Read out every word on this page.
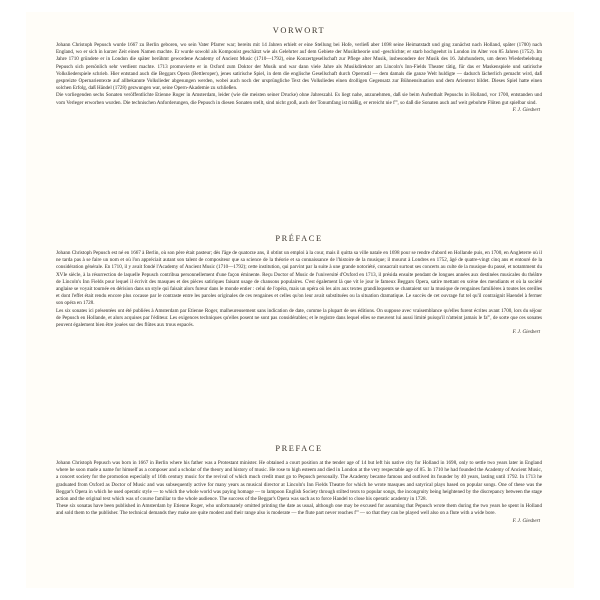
VORWORT

Johann Christoph Pepusch wurde 1667 zu Berlin geboren, wo sein Vater Pfarrer war; bereits mit 14 Jahren erhielt er eine Stellung bei Hofe, verließ aber 1698 seine Heimatstadt und ging zunächst nach Holland, später (1700) nach England, wo er sich in kurzer Zeit einen Namen machte. Er wurde sowohl als Komponist geschätzt wie als Gelehrter auf dem Gebiete der Musiktheorie und -geschichte; er starb hochgeehrt in London im Alter von 85 Jahren (1752). Im Jahre 1710 gründete er in London die später berühmt gewordene Academy of Ancient Music (1710—1792), eine Konzertgesellschaft zur Pflege alter Musik, insbesondere der Musik des 16. Jahrhunderts, um deren Wiederbelebung Pepusch sich persönlich sehr verdient machte. 1713 promovierte er in Oxford zum Doktor der Musik und war dann viele Jahre als Musikdirektor am Lincoln's Inn-Fields Theater tätig, für das er Maskenspiele und satirische Volksliederspiele schrieb. Hier entstand auch die Beggars Opera (Bettleroper), jenes satirische Spiel, in dem die englische Gesellschaft durch Opernstil — dem damals die ganze Welt huldigte — dadurch lächerlich gemacht wird, daß gespreizte Opernarientexte auf allbekannte Volkslieder abgesungen werden, wobei auch noch der ursprüngliche Text des Volksliedes einen drolligen Gegensatz zur Bühnensituation und dem Arientext bildet. Dieses Spiel hatte einen solchen Erfolg, daß Händel (1728) gezwungen war, seine Opern-Akademie zu schließen.

Die vorliegenden sechs Sonaten veröffentlichte Etienne Roger in Amsterdam, leider (wie die meisten seiner Drucke) ohne Jahreszahl. Es liegt nahe, anzunehmen, daß sie beim Aufenthalt Pepuschs in Holland, vor 1700, entstanden und vom Verleger erworben wurden. Die technischen Anforderungen, die Pepusch in diesen Sonaten stellt, sind nicht groß, auch der Tonumfang ist mäßig, er erreicht nie f''', so daß die Sonaten auch auf weit gebohrte Flöten gut spielbar sind.

F. J. Giesbert

PRÉFACE

Johann Christoph Pepusch est né en 1667 à Berlin, où son père était pasteur; dès l'âge de quatorze ans, il obtint un emploi à la cour, mais il quitta sa ville natale en 1698 pour se rendre d'abord en Hollande puis, en 1700, en Angleterre où il ne tarda pas à se faire un nom et où l'on appréciait autant son talent de compositeur que sa science de la théorie et sa connaissance de l'histoire de la musique; il mourut à Londres en 1752, âgé de quatre-vingt cinq ans et entouré de la considération générale. En 1710, il y avait fondé l'Academy of Ancient Music (1710—1792); cette institution, qui parvint par la suite à une grande notoriété, consacrait surtout ses concerts au culte de la musique du passé, et notamment du XVIe siècle, à la résurrection de laquelle Pepusch contribua personnellement d'une façon éminente. Reçu Doctor of Music de l'université d'Oxford en 1713, il présida ensuite pendant de longues années aux destinées musicales du théâtre de Lincoln's Inn Fields pour lequel il écrivit des masques et des pièces satiriques faisant usage de chansons populaires. C'est également là que vit le jour le fameux Beggars Opera, satire mettant en scène des mendiants et où la société anglaise se voyait tournée en dérision dans un style qui faisait alors fureur dans le monde entier : celui de l'opéra, mais un opéra où les airs aux textes grandiloquents se chantaient sur la musique de rengaines familières à toutes les oreilles et dont l'effet était rendu encore plus cocasse par le contraste entre les paroles originales de ces rengaines et celles qu'on leur avait substituées ou la situation dramatique. Le succès de cet ouvrage fut tel qu'il contraignit Haendel à fermer son opéra en 1728.

Les six sonates ici présentées ont été publiées à Amsterdam par Etienne Roger, malheureusement sans indication de date, comme la plupart de ses éditions. On suppose avec vraisemblance qu'elles furent écrites avant 1700, lors du séjour de Pepusch en Hollande, et alors acquises par l'éditeur. Les exigences techniques qu'elles posent ne sont pas considérables; et le registre dans lequel elles se meuvent lui aussi limité puisqu'il n'atteint jamais le fa''', de sorte que ces sonates peuvent également bien être jouées sur des flûtes aux trous espacés.

F. J. Giesbert

PREFACE

Johann Christoph Pepusch was born in 1667 in Berlin where his father was a Protestant minister. He obtained a court position at the tender age of 14 but left his native city for Holland in 1698, only to settle two years later in England where he soon made a name for himself as a composer and a scholar of the theory and history of music. He rose to high esteem and died in London at the very respectable age of 85. In 1710 he had founded the Academy of Ancient Music, a concert society for the promotion especially of 16th century music for the revival of which much credit must go to Pepusch personally. The Academy became famous and outlived its founder by 40 years, lasting until 1792. In 1713 he graduated from Oxford as Doctor of Music and was subsequently active for many years as musical director at Lincoln's Inn Fields Theatre for which he wrote masques and satyrical plays based on popular songs. One of these was the Beggar's Opera in which he used operatic style — to which the whole world was paying homage — to lampoon English Society through stilted texts to popular songs, the incongruity being heightened by the discrepancy between the stage action and the original text which was of course familiar to the whole audience. The success of the Beggar's Opera was such as to force Handel to close his operatic academy in 1728.

These six sonatas have been published in Amsterdam by Etienne Roger, who unfortunately omitted printing the date as usual, although one may be excused for assuming that Pepusch wrote them during the two years he spent in Holland and sold them to the publisher. The technical demands they make are quite modest and their range also is moderate — the flute part never reaches f''' — so that they can be played well also on a flute with a wide bore.

F. J. Giesbert
